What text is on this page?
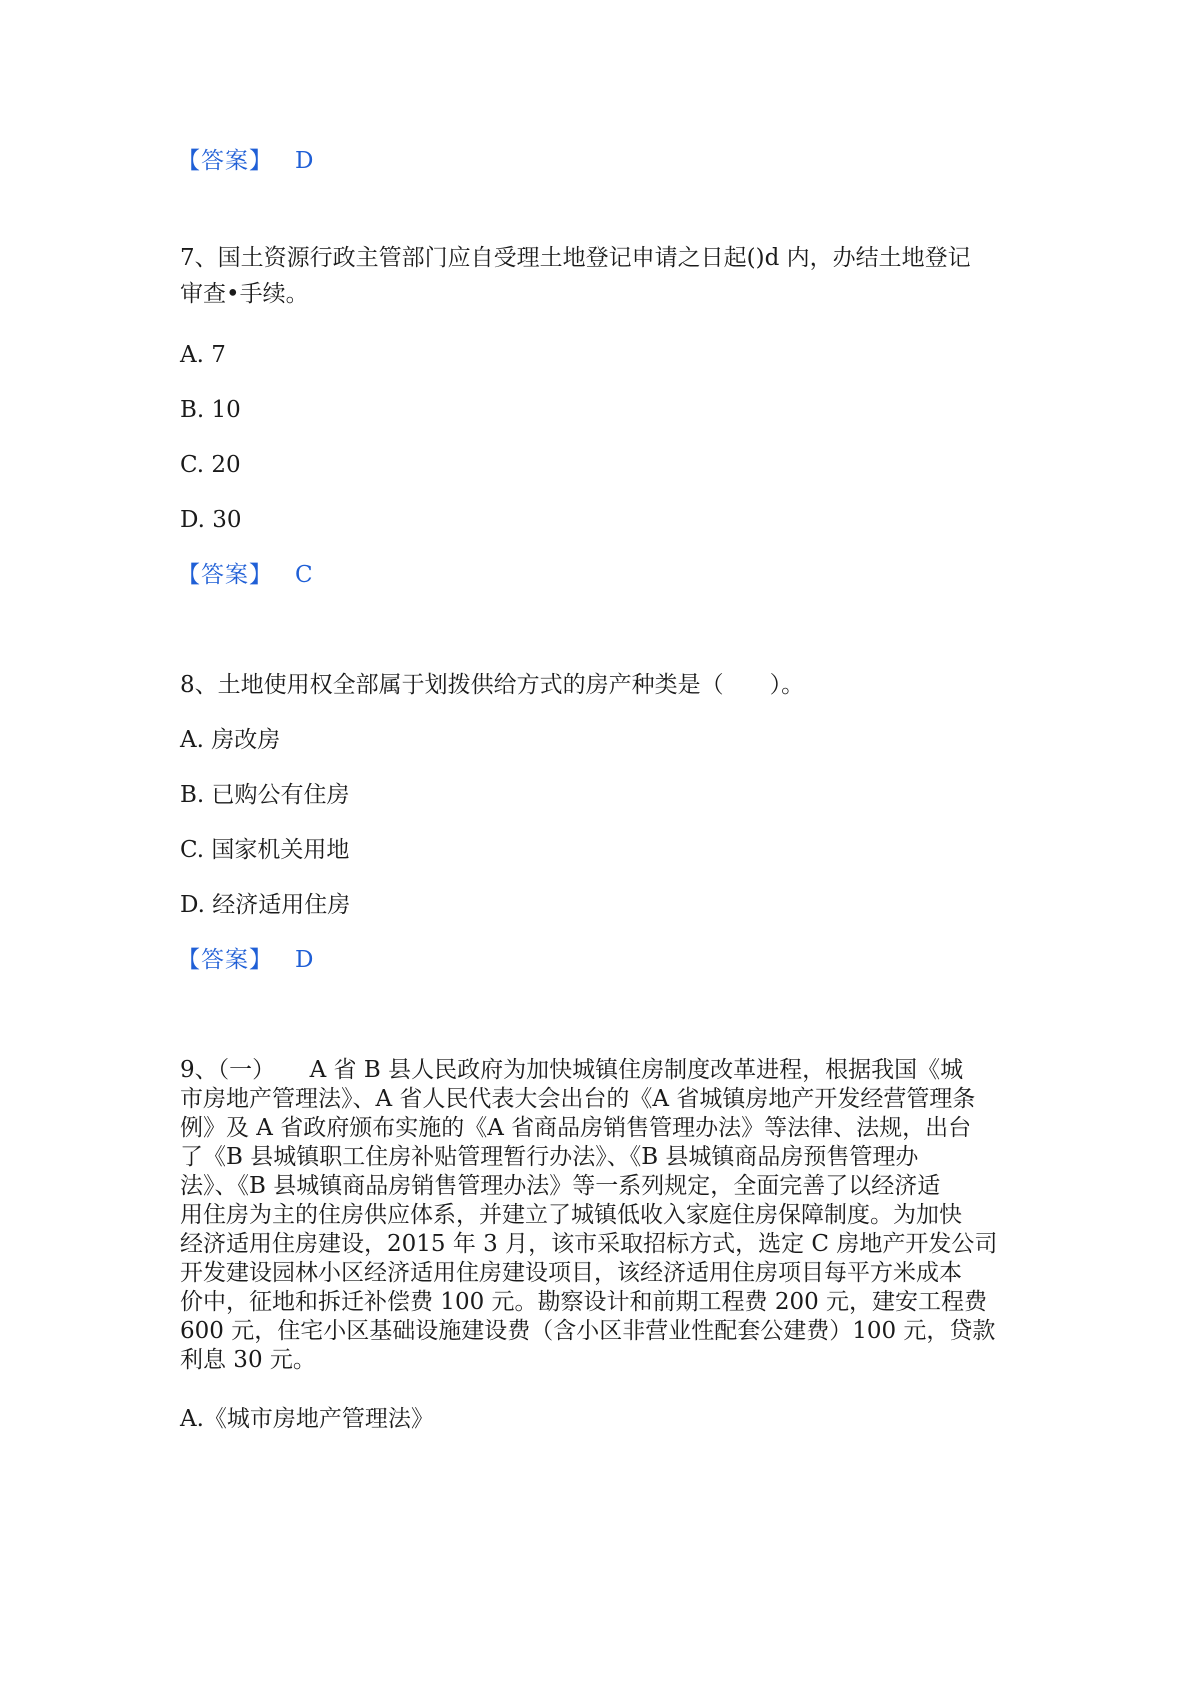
【答案】 D
7、国土资源行政主管部门应自受理土地登记申请之日起()d 内，办结土地登记
审查•手续。
A. 7
B. 10
C. 20
D. 30
【答案】 C
8、土地使用权全部属于划拨供给方式的房产种类是（　　）。
A. 房改房
B. 已购公有住房
C. 国家机关用地
D. 经济适用住房
【答案】 D
9、（一）　　A 省 B 县人民政府为加快城镇住房制度改革进程，根据我国《城
市房地产管理法》、A 省人民代表大会出台的《A 省城镇房地产开发经营管理条
例》及 A 省政府颁布实施的《A 省商品房销售管理办法》等法律、法规，出台
了《B 县城镇职工住房补贴管理暂行办法》、《B 县城镇商品房预售管理办
法》、《B 县城镇商品房销售管理办法》等一系列规定，全面完善了以经济适
用住房为主的住房供应体系，并建立了城镇低收入家庭住房保障制度。为加快
经济适用住房建设，2015 年 3 月，该市采取招标方式，选定 C 房地产开发公司
开发建设园林小区经济适用住房建设项目，该经济适用住房项目每平方米成本
价中，征地和拆迁补偿费 100 元。勘察设计和前期工程费 200 元，建安工程费
600 元，住宅小区基础设施建设费（含小区非营业性配套公建费）100 元，贷款
利息 30 元。
A.《城市房地产管理法》
